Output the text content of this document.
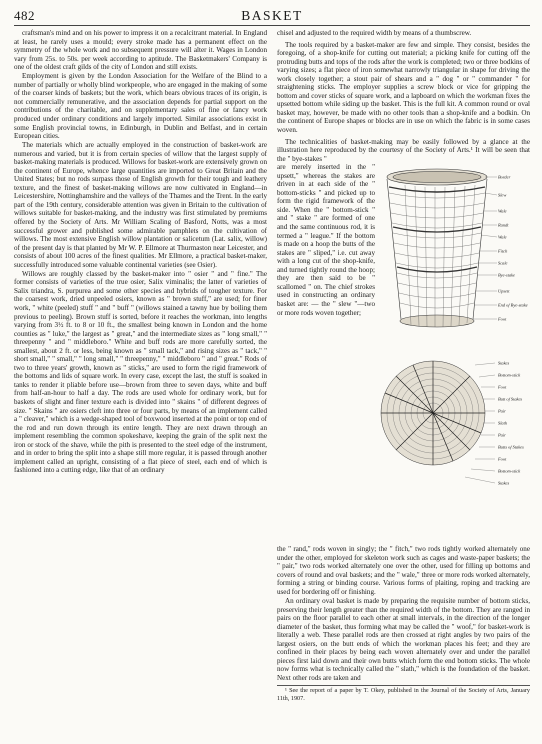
482	BASKET

craftsman's mind and on his power to impress it on a recalcitrant material. In England at least, he rarely uses a mould; every stroke made has a permanent effect on the symmetry of the whole work and no subsequent pressure will alter it. Wages in London vary from 25s. to 50s. per week according to aptitude. The Basketmakers' Company is one of the oldest craft gilds of the city of London and still exists.

Employment is given by the London Association for the Welfare of the Blind to a number of partially or wholly blind workpeople, who are engaged in the making of some of the coarser kinds of baskets; but the work, which bears obvious traces of its origin, is not commercially remunerative, and the association depends for partial support on the contributions of the charitable, and on supplementary sales of fine or fancy work produced under ordinary conditions and largely imported. Similar associations exist in some English provincial towns, in Edinburgh, in Dublin and Belfast, and in certain European cities.

The materials which are actually employed in the construction of basket-work are numerous and varied, but it is from certain species of willow that the largest supply of basket-making materials is produced. Willows for basket-work are extensively grown on the continent of Europe, whence large quantities are imported to Great Britain and the United States; but no rods surpass those of English growth for their tough and leathery texture, and the finest of basket-making willows are now cultivated in England—in Leicestershire, Nottinghamshire and the valleys of the Thames and the Trent. In the early part of the 19th century, considerable attention was given in Britain to the cultivation of willows suitable for basket-making, and the industry was first stimulated by premiums offered by the Society of Arts. Mr William Scaling of Basford, Notts, was a most successful grower and published some admirable pamphlets on the cultivation of willows. The most extensive English willow plantation or salicetum (Lat. salix, willow) of the present day is that planted by Mr W. P. Ellmore at Thurmaston near Leicester, and consists of about 100 acres of the finest qualities. Mr Ellmore, a practical basket-maker, successfully introduced some valuable continental varieties (see Osier).

Willows are roughly classed by the basket-maker into " osier " and " fine." The former consists of varieties of the true osier, Salix viminalis; the latter of varieties of Salix triandra, S. purpurea and some other species and hybrids of tougher texture. For the coarsest work, dried unpeeled osiers, known as " brown stuff," are used; for finer work, " white (peeled) stuff " and " buff " (willows stained a tawny hue by boiling them previous to peeling). Brown stuff is sorted, before it reaches the workman, into lengths varying from 3½ ft. to 8 or 10 ft., the smallest being known in London and the home counties as " luke," the largest as " great," and the intermediate sizes as " long small," " threepenny " and " middleboro." White and buff rods are more carefully sorted, the smallest, about 2 ft. or less, being known as " small tack," and rising sizes as " tack," " short small," " small," " long small," " threepenny," " middleboro " and " great." Rods of two to three years' growth, known as " sticks," are used to form the rigid framework of the bottoms and lids of square work. In every case, except the last, the stuff is soaked in tanks to render it pliable before use—brown from three to seven days, white and buff from half-an-hour to half a day. The rods are used whole for ordinary work, but for baskets of slight and finer texture each is divided into " skains " of different degrees of size. " Skains " are osiers cleft into three or four parts, by means of an implement called a " cleaver," which is a wedge-shaped tool of boxwood inserted at the point or top end of the rod and run down through its entire length. They are next drawn through an implement resembling the common spokeshave, keeping the grain of the split next the iron or stock of the shave, while the pith is presented to the steel edge of the instrument, and in order to bring the split into a shape still more regular, it is passed through another implement called an upright, consisting of a flat piece of steel, each end of which is fashioned into a cutting edge, like that of an ordinary

chisel and adjusted to the required width by means of a thumbscrew.

The tools required by a basket-maker are few and simple. They consist, besides the foregoing, of a shop-knife for cutting out material; a picking knife for cutting off the protruding butts and tops of the rods after the work is completed; two or three bodkins of varying sizes; a flat piece of iron somewhat narrowly triangular in shape for driving the work closely together; a stout pair of shears and a " dog " or " commander " for straightening sticks. The employer supplies a screw block or vice for gripping the bottom and cover sticks of square work, and a lapboard on which the workman fixes the upsetted bottom while siding up the basket. This is the full kit. A common round or oval basket may, however, be made with no other tools than a shop-knife and a bodkin. On the continent of Europe shapes or blocks are in use on which the fabric is in some cases woven.

The technicalities of basket-making may be easily followed by a glance at the illustration here reproduced by the courtesy of the Society of Arts.¹ It will be seen that the " bye-stakes "

are merely inserted in the " upsett," whereas the stakes are driven in at each side of the " bottom-sticks " and picked up to form the rigid framework of the side. When the " bottom-stick " and " stake " are formed of one and the same continuous rod, it is termed a " league." If the bottom is made on a hoop the butts of the stakes are " sliped," i.e. cut away with a long cut of the shop-knife, and turned tightly round the hoop; they are then said to be " scallomed " on. The chief strokes used in constructing an ordinary basket are: — the " slew "—two or more rods woven together;

Border
Slew
Wale
Randt
Wale
Fitch
Scale
Bye-stake
Upsett
End of Bye-stake
Foot
Stakes
Bottom-stick
Foot
Butt of Stakes
Pair
Slath
Pair
Butts of Stakes
Foot
Bottom-stick
Stakes

the " rand," rods woven in singly; the " fitch," two rods tightly worked alternately one under the other, employed for skeleton work such as cages and waste-paper baskets; the " pair," two rods worked alternately one over the other, used for filling up bottoms and covers of round and oval baskets; and the " wale," three or more rods worked alternately, forming a string or binding course. Various forms of plaiting, roping and tracking are used for bordering off or finishing.

An ordinary oval basket is made by preparing the requisite number of bottom sticks, preserving their length greater than the required width of the bottom. They are ranged in pairs on the floor parallel to each other at small intervals, in the direction of the longer diameter of the basket, thus forming what may be called the " woof," for basket-work is literally a web. These parallel rods are then crossed at right angles by two pairs of the largest osiers, on the butt ends of which the workman places his feet; and they are confined in their places by being each woven alternately over and under the parallel pieces first laid down and their own butts which form the end bottom sticks. The whole now forms what is technically called the " slath," which is the foundation of the basket. Next other rods are taken and

¹ See the report of a paper by T. Okey, published in the Journal of the Society of Arts, January 11th, 1907.
